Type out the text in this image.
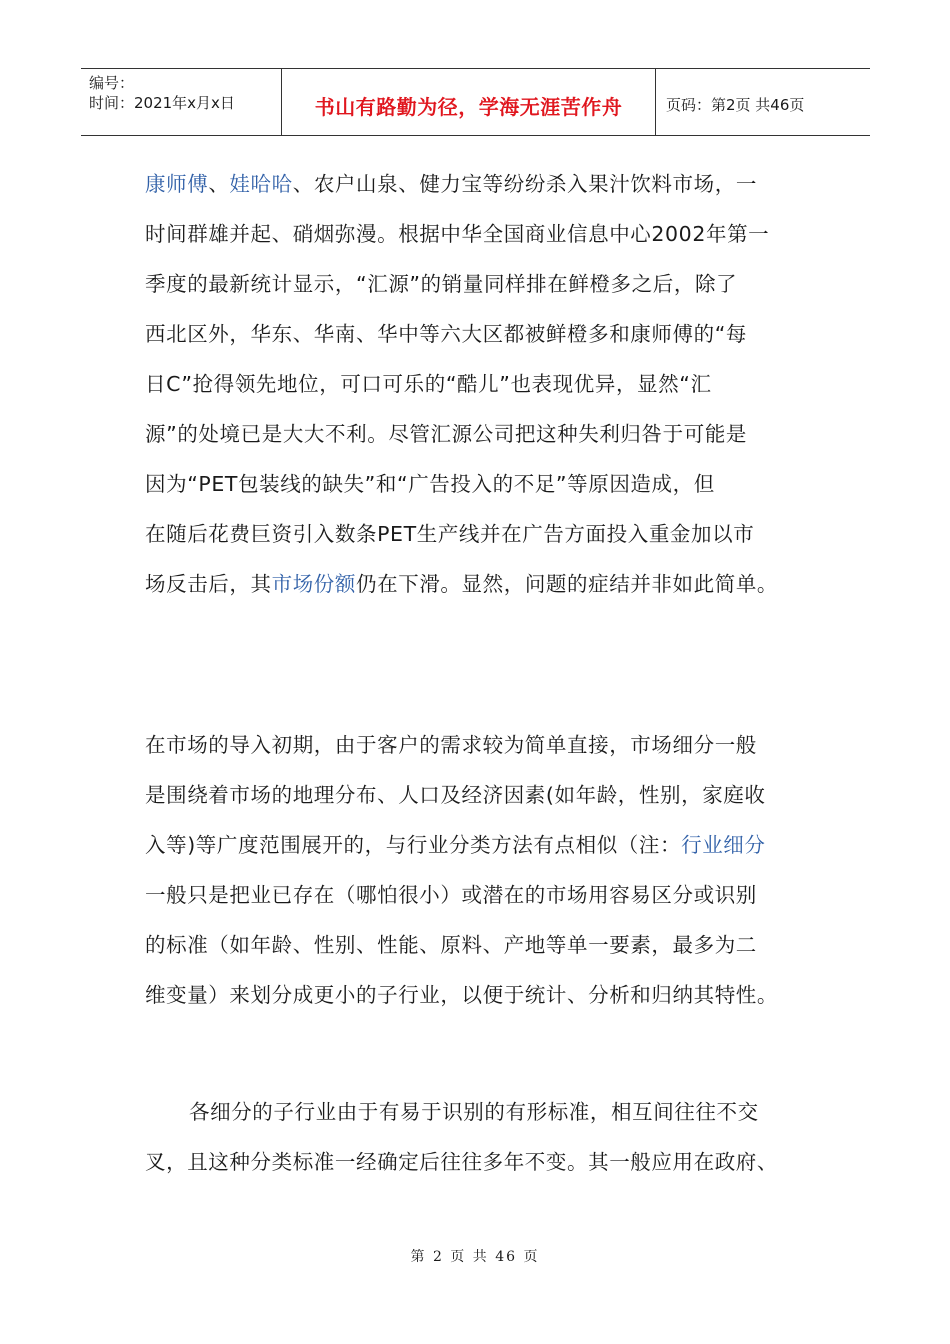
编号：
时间：2021年x月x日	书山有路勤为径，学海无涯苦作舟	页码：第2页 共46页

康师傅、娃哈哈、农户山泉、健力宝等纷纷杀入果汁饮料市场，一

时间群雄并起、硝烟弥漫。根据中华全国商业信息中心2002年第一

季度的最新统计显示，“汇源”的销量同样排在鲜橙多之后，除了

西北区外，华东、华南、华中等六大区都被鲜橙多和康师傅的“每

日C”抢得领先地位，可口可乐的“酷儿”也表现优异，显然“汇

源”的处境已是大大不利。尽管汇源公司把这种失利归咎于可能是

因为“PET包装线的缺失”和“广告投入的不足”等原因造成，但

在随后花费巨资引入数条PET生产线并在广告方面投入重金加以市

场反击后，其市场份额仍在下滑。显然，问题的症结并非如此简单。

在市场的导入初期，由于客户的需求较为简单直接，市场细分一般

是围绕着市场的地理分布、人口及经济因素(如年龄，性别，家庭收

入等)等广度范围展开的，与行业分类方法有点相似（注：行业细分

一般只是把业已存在（哪怕很小）或潜在的市场用容易区分或识别

的标准（如年龄、性别、性能、原料、产地等单一要素，最多为二

维变量）来划分成更小的子行业，以便于统计、分析和归纳其特性。

各细分的子行业由于有易于识别的有形标准，相互间往往不交

叉，且这种分类标准一经确定后往往多年不变。其一般应用在政府、

第 2 页 共 46 页
